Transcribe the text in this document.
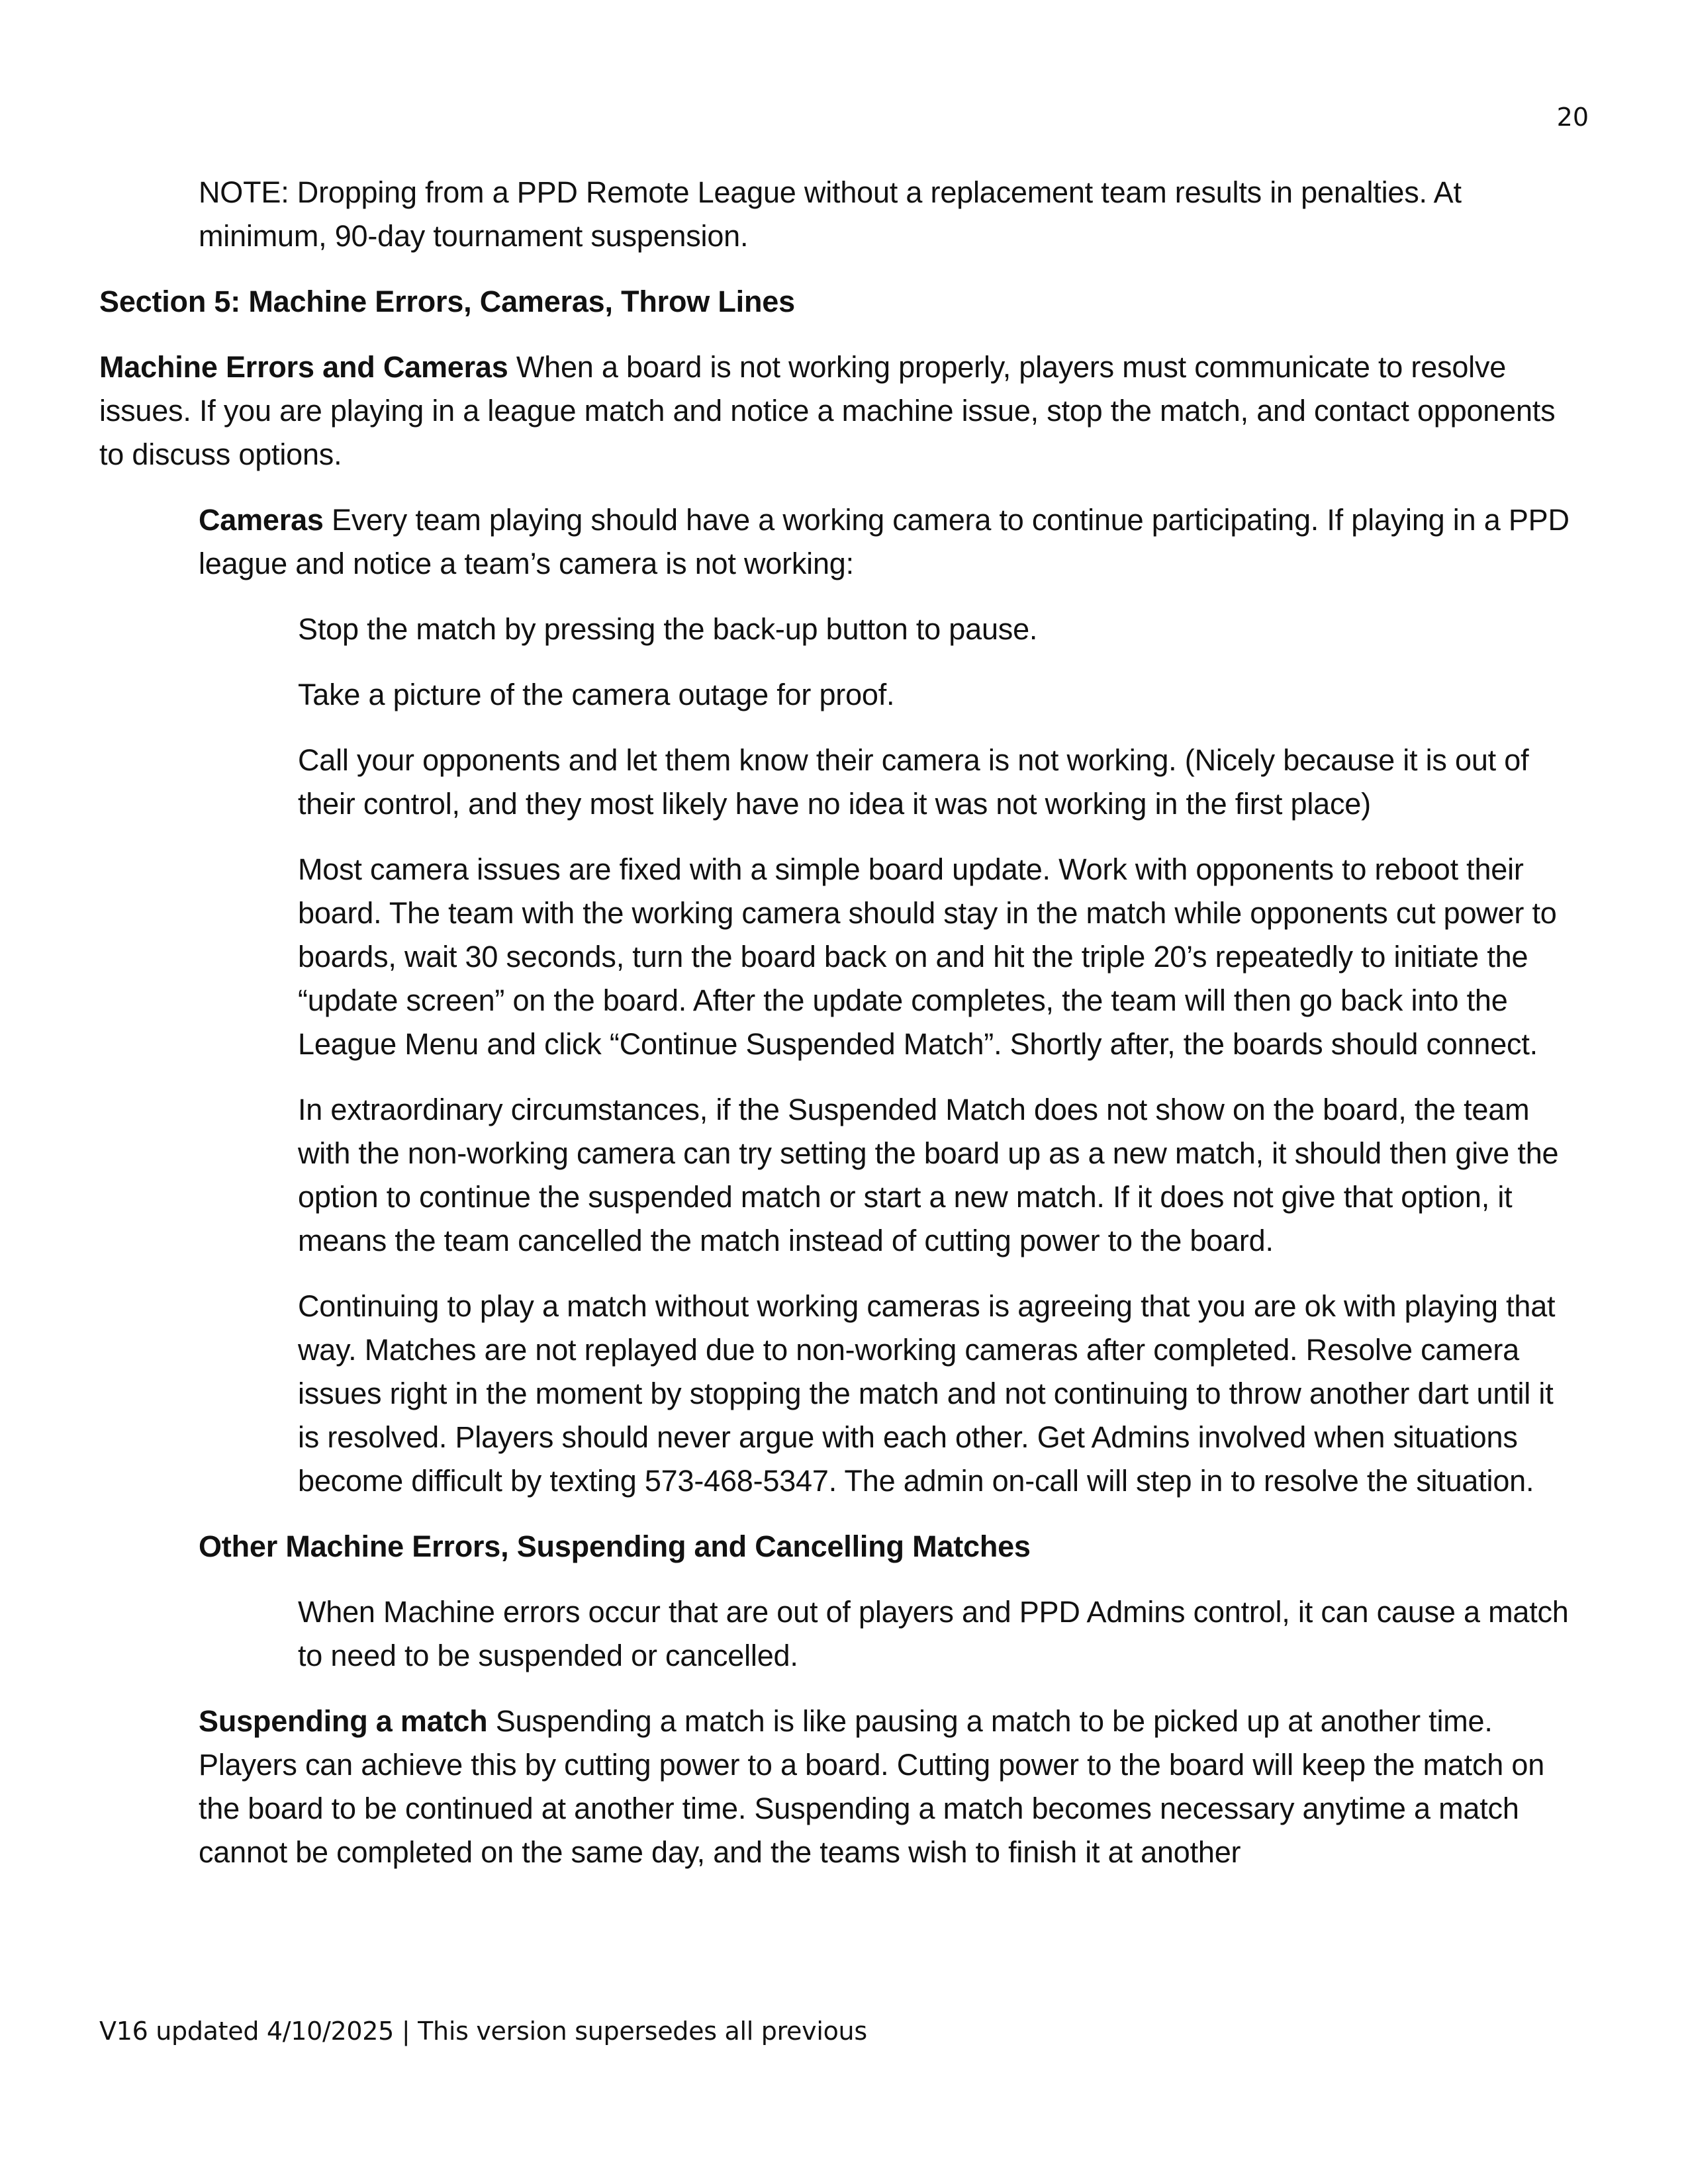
20

NOTE: Dropping from a PPD Remote League without a replacement team results in penalties. At minimum, 90-day tournament suspension.

Section 5: Machine Errors, Cameras, Throw Lines

Machine Errors and Cameras When a board is not working properly, players must communicate to resolve issues. If you are playing in a league match and notice a machine issue, stop the match, and contact opponents to discuss options.

Cameras Every team playing should have a working camera to continue participating. If playing in a PPD league and notice a team’s camera is not working:

Stop the match by pressing the back-up button to pause.

Take a picture of the camera outage for proof.

Call your opponents and let them know their camera is not working. (Nicely because it is out of their control, and they most likely have no idea it was not working in the first place)

Most camera issues are fixed with a simple board update. Work with opponents to reboot their board. The team with the working camera should stay in the match while opponents cut power to boards, wait 30 seconds, turn the board back on and hit the triple 20’s repeatedly to initiate the “update screen” on the board. After the update completes, the team will then go back into the League Menu and click “Continue Suspended Match”. Shortly after, the boards should connect.

In extraordinary circumstances, if the Suspended Match does not show on the board, the team with the non-working camera can try setting the board up as a new match, it should then give the option to continue the suspended match or start a new match. If it does not give that option, it means the team cancelled the match instead of cutting power to the board.

Continuing to play a match without working cameras is agreeing that you are ok with playing that way. Matches are not replayed due to non-working cameras after completed. Resolve camera issues right in the moment by stopping the match and not continuing to throw another dart until it is resolved. Players should never argue with each other. Get Admins involved when situations become difficult by texting 573-468-5347. The admin on-call will step in to resolve the situation.

Other Machine Errors, Suspending and Cancelling Matches

When Machine errors occur that are out of players and PPD Admins control, it can cause a match to need to be suspended or cancelled.

Suspending a match Suspending a match is like pausing a match to be picked up at another time. Players can achieve this by cutting power to a board. Cutting power to the board will keep the match on the board to be continued at another time. Suspending a match becomes necessary anytime a match cannot be completed on the same day, and the teams wish to finish it at another

V16 updated 4/10/2025 | This version supersedes all previous
